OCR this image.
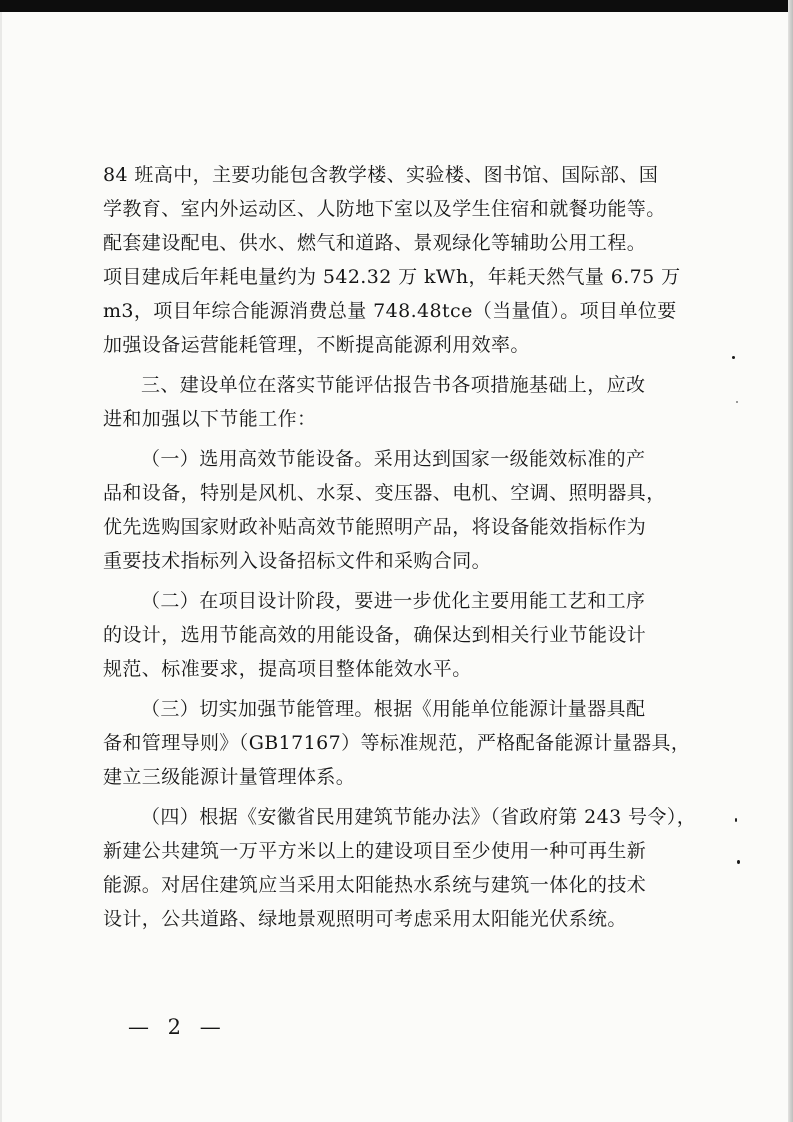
84 班高中，主要功能包含教学楼、实验楼、图书馆、国际部、国
学教育、室内外运动区、人防地下室以及学生住宿和就餐功能等。
配套建设配电、供水、燃气和道路、景观绿化等辅助公用工程。
项目建成后年耗电量约为 542.32 万 kWh，年耗天然气量 6.75 万
m3，项目年综合能源消费总量 748.48tce（当量值）。项目单位要
加强设备运营能耗管理，不断提高能源利用效率。
三、建设单位在落实节能评估报告书各项措施基础上，应改
进和加强以下节能工作：
（一）选用高效节能设备。采用达到国家一级能效标准的产
品和设备，特别是风机、水泵、变压器、电机、空调、照明器具，
优先选购国家财政补贴高效节能照明产品，将设备能效指标作为
重要技术指标列入设备招标文件和采购合同。
（二）在项目设计阶段，要进一步优化主要用能工艺和工序
的设计，选用节能高效的用能设备，确保达到相关行业节能设计
规范、标准要求，提高项目整体能效水平。
（三）切实加强节能管理。根据《用能单位能源计量器具配
备和管理导则》（GB17167）等标准规范，严格配备能源计量器具，
建立三级能源计量管理体系。
（四）根据《安徽省民用建筑节能办法》（省政府第 243 号令），
新建公共建筑一万平方米以上的建设项目至少使用一种可再生新
能源。对居住建筑应当采用太阳能热水系统与建筑一体化的技术
设计，公共道路、绿地景观照明可考虑采用太阳能光伏系统。
— 2 —
